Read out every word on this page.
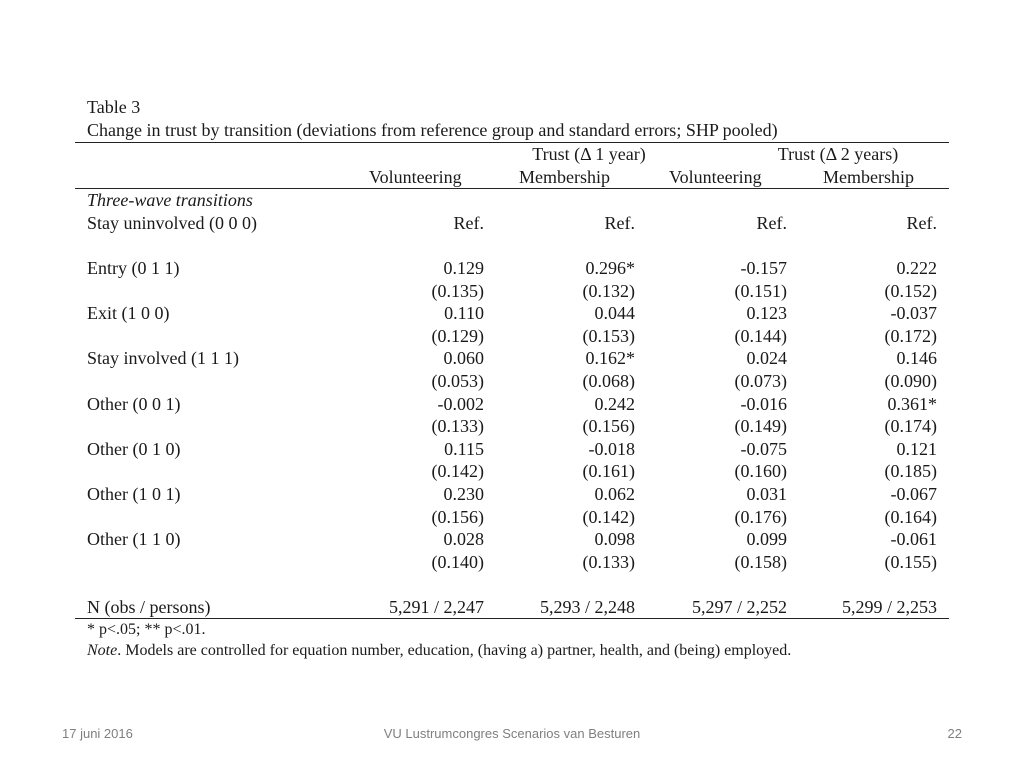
Table 3
Change in trust by transition (deviations from reference group and standard errors; SHP pooled)
Trust (Δ 1 year)	Trust (Δ 2 years)
Volunteering	Membership	Volunteering	Membership
Three-wave transitions
Stay uninvolved (0 0 0)	Ref.	Ref.	Ref.	Ref.
Entry (0 1 1)	0.129	0.296*	-0.157	0.222
(0.135)	(0.132)	(0.151)	(0.152)
Exit (1 0 0)	0.110	0.044	0.123	-0.037
(0.129)	(0.153)	(0.144)	(0.172)
Stay involved (1 1 1)	0.060	0.162*	0.024	0.146
(0.053)	(0.068)	(0.073)	(0.090)
Other (0 0 1)	-0.002	0.242	-0.016	0.361*
(0.133)	(0.156)	(0.149)	(0.174)
Other (0 1 0)	0.115	-0.018	-0.075	0.121
(0.142)	(0.161)	(0.160)	(0.185)
Other (1 0 1)	0.230	0.062	0.031	-0.067
(0.156)	(0.142)	(0.176)	(0.164)
Other (1 1 0)	0.028	0.098	0.099	-0.061
(0.140)	(0.133)	(0.158)	(0.155)
N (obs / persons)	5,291 / 2,247	5,293 / 2,248	5,297 / 2,252	5,299 / 2,253
* p<.05; ** p<.01.
Note. Models are controlled for equation number, education, (having a) partner, health, and (being) employed.
17 juni 2016	VU Lustrumcongres Scenarios van Besturen	22
